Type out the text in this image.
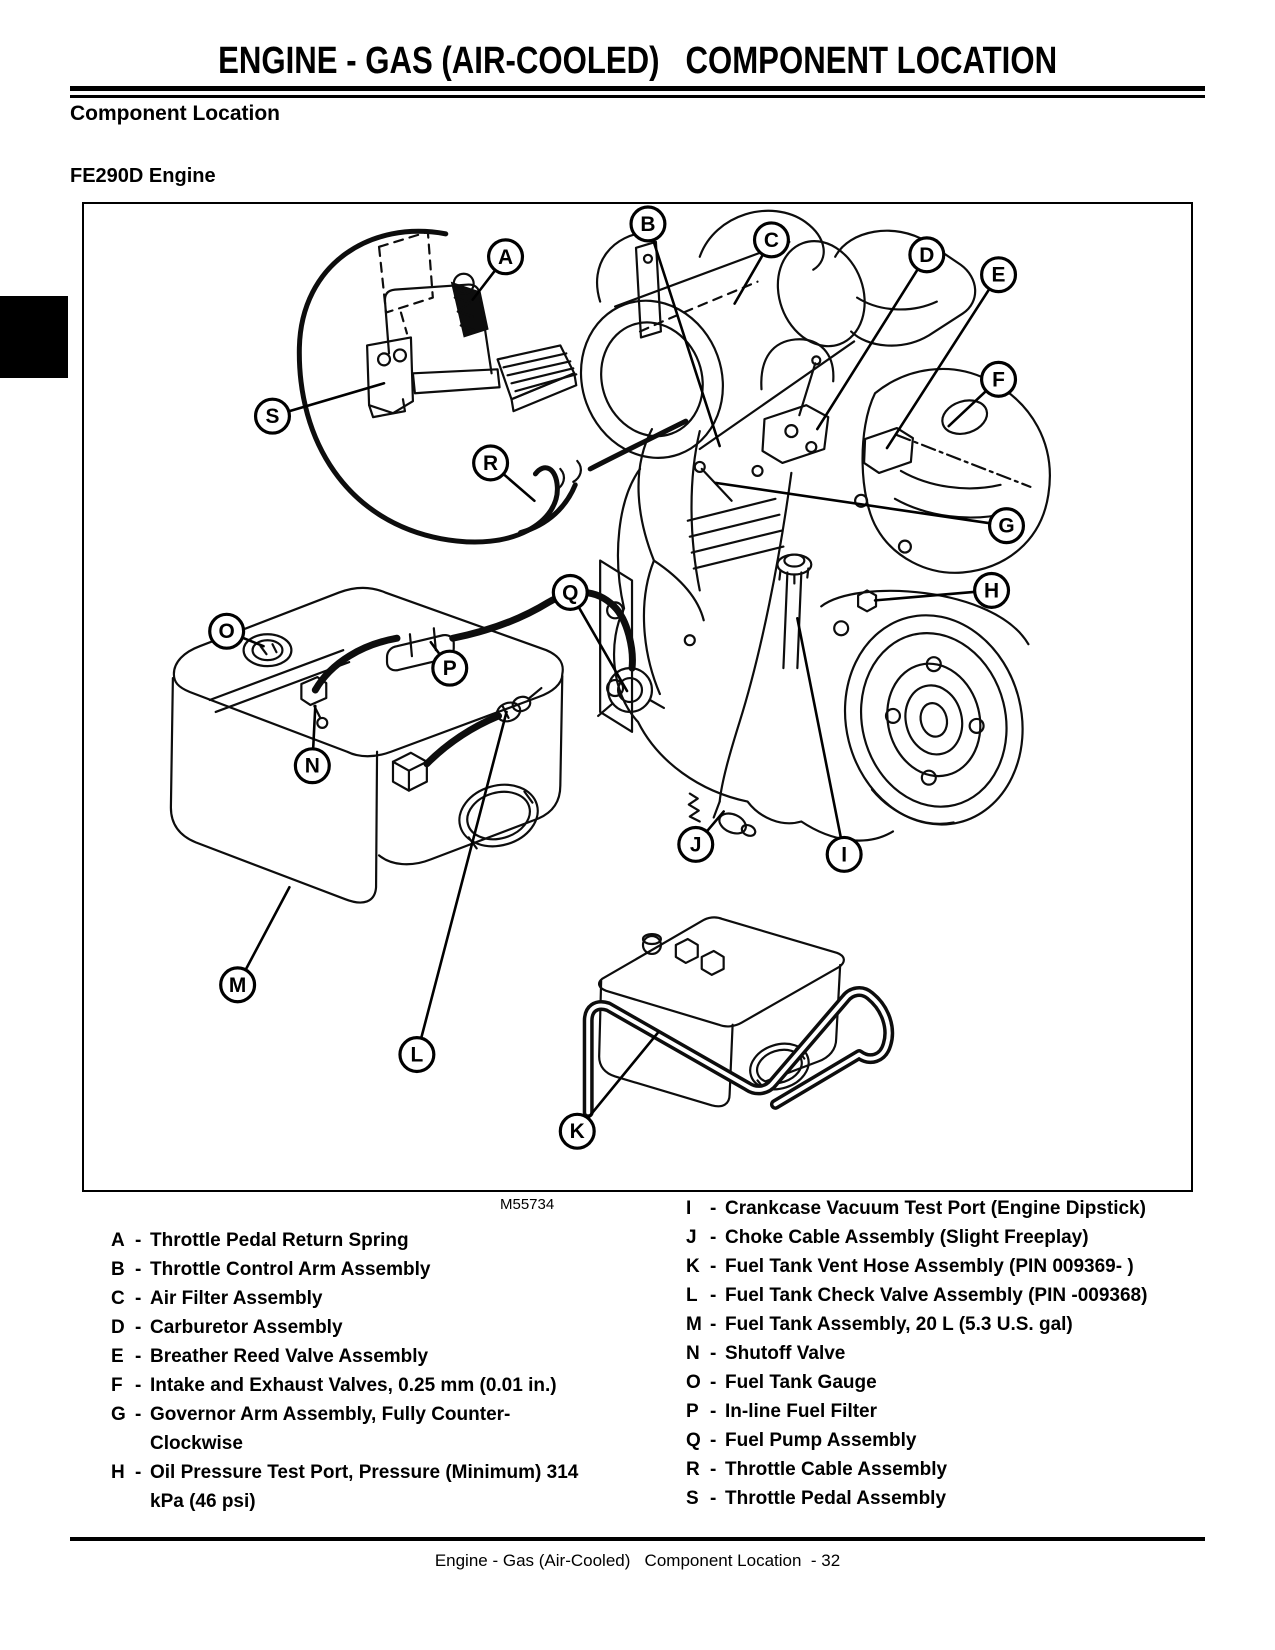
ENGINE - GAS (AIR-COOLED)   COMPONENT LOCATION
Component Location
FE290D Engine
A
B
C
D
E
F
G
H
I
J
K
L
M
N
O
P
Q
R
S
M55734
A - Throttle Pedal Return Spring
B - Throttle Control Arm Assembly
C - Air Filter Assembly
D - Carburetor Assembly
E - Breather Reed Valve Assembly
F - Intake and Exhaust Valves, 0.25 mm (0.01 in.)
G - Governor Arm Assembly, Fully Counter-
Clockwise
H - Oil Pressure Test Port, Pressure (Minimum) 314
kPa (46 psi)
I - Crankcase Vacuum Test Port (Engine Dipstick)
J - Choke Cable Assembly (Slight Freeplay)
K - Fuel Tank Vent Hose Assembly (PIN 009369- )
L - Fuel Tank Check Valve Assembly (PIN -009368)
M - Fuel Tank Assembly, 20 L (5.3 U.S. gal)
N - Shutoff Valve
O - Fuel Tank Gauge
P - In-line Fuel Filter
Q - Fuel Pump Assembly
R - Throttle Cable Assembly
S - Throttle Pedal Assembly
Engine - Gas (Air-Cooled)   Component Location  - 32
